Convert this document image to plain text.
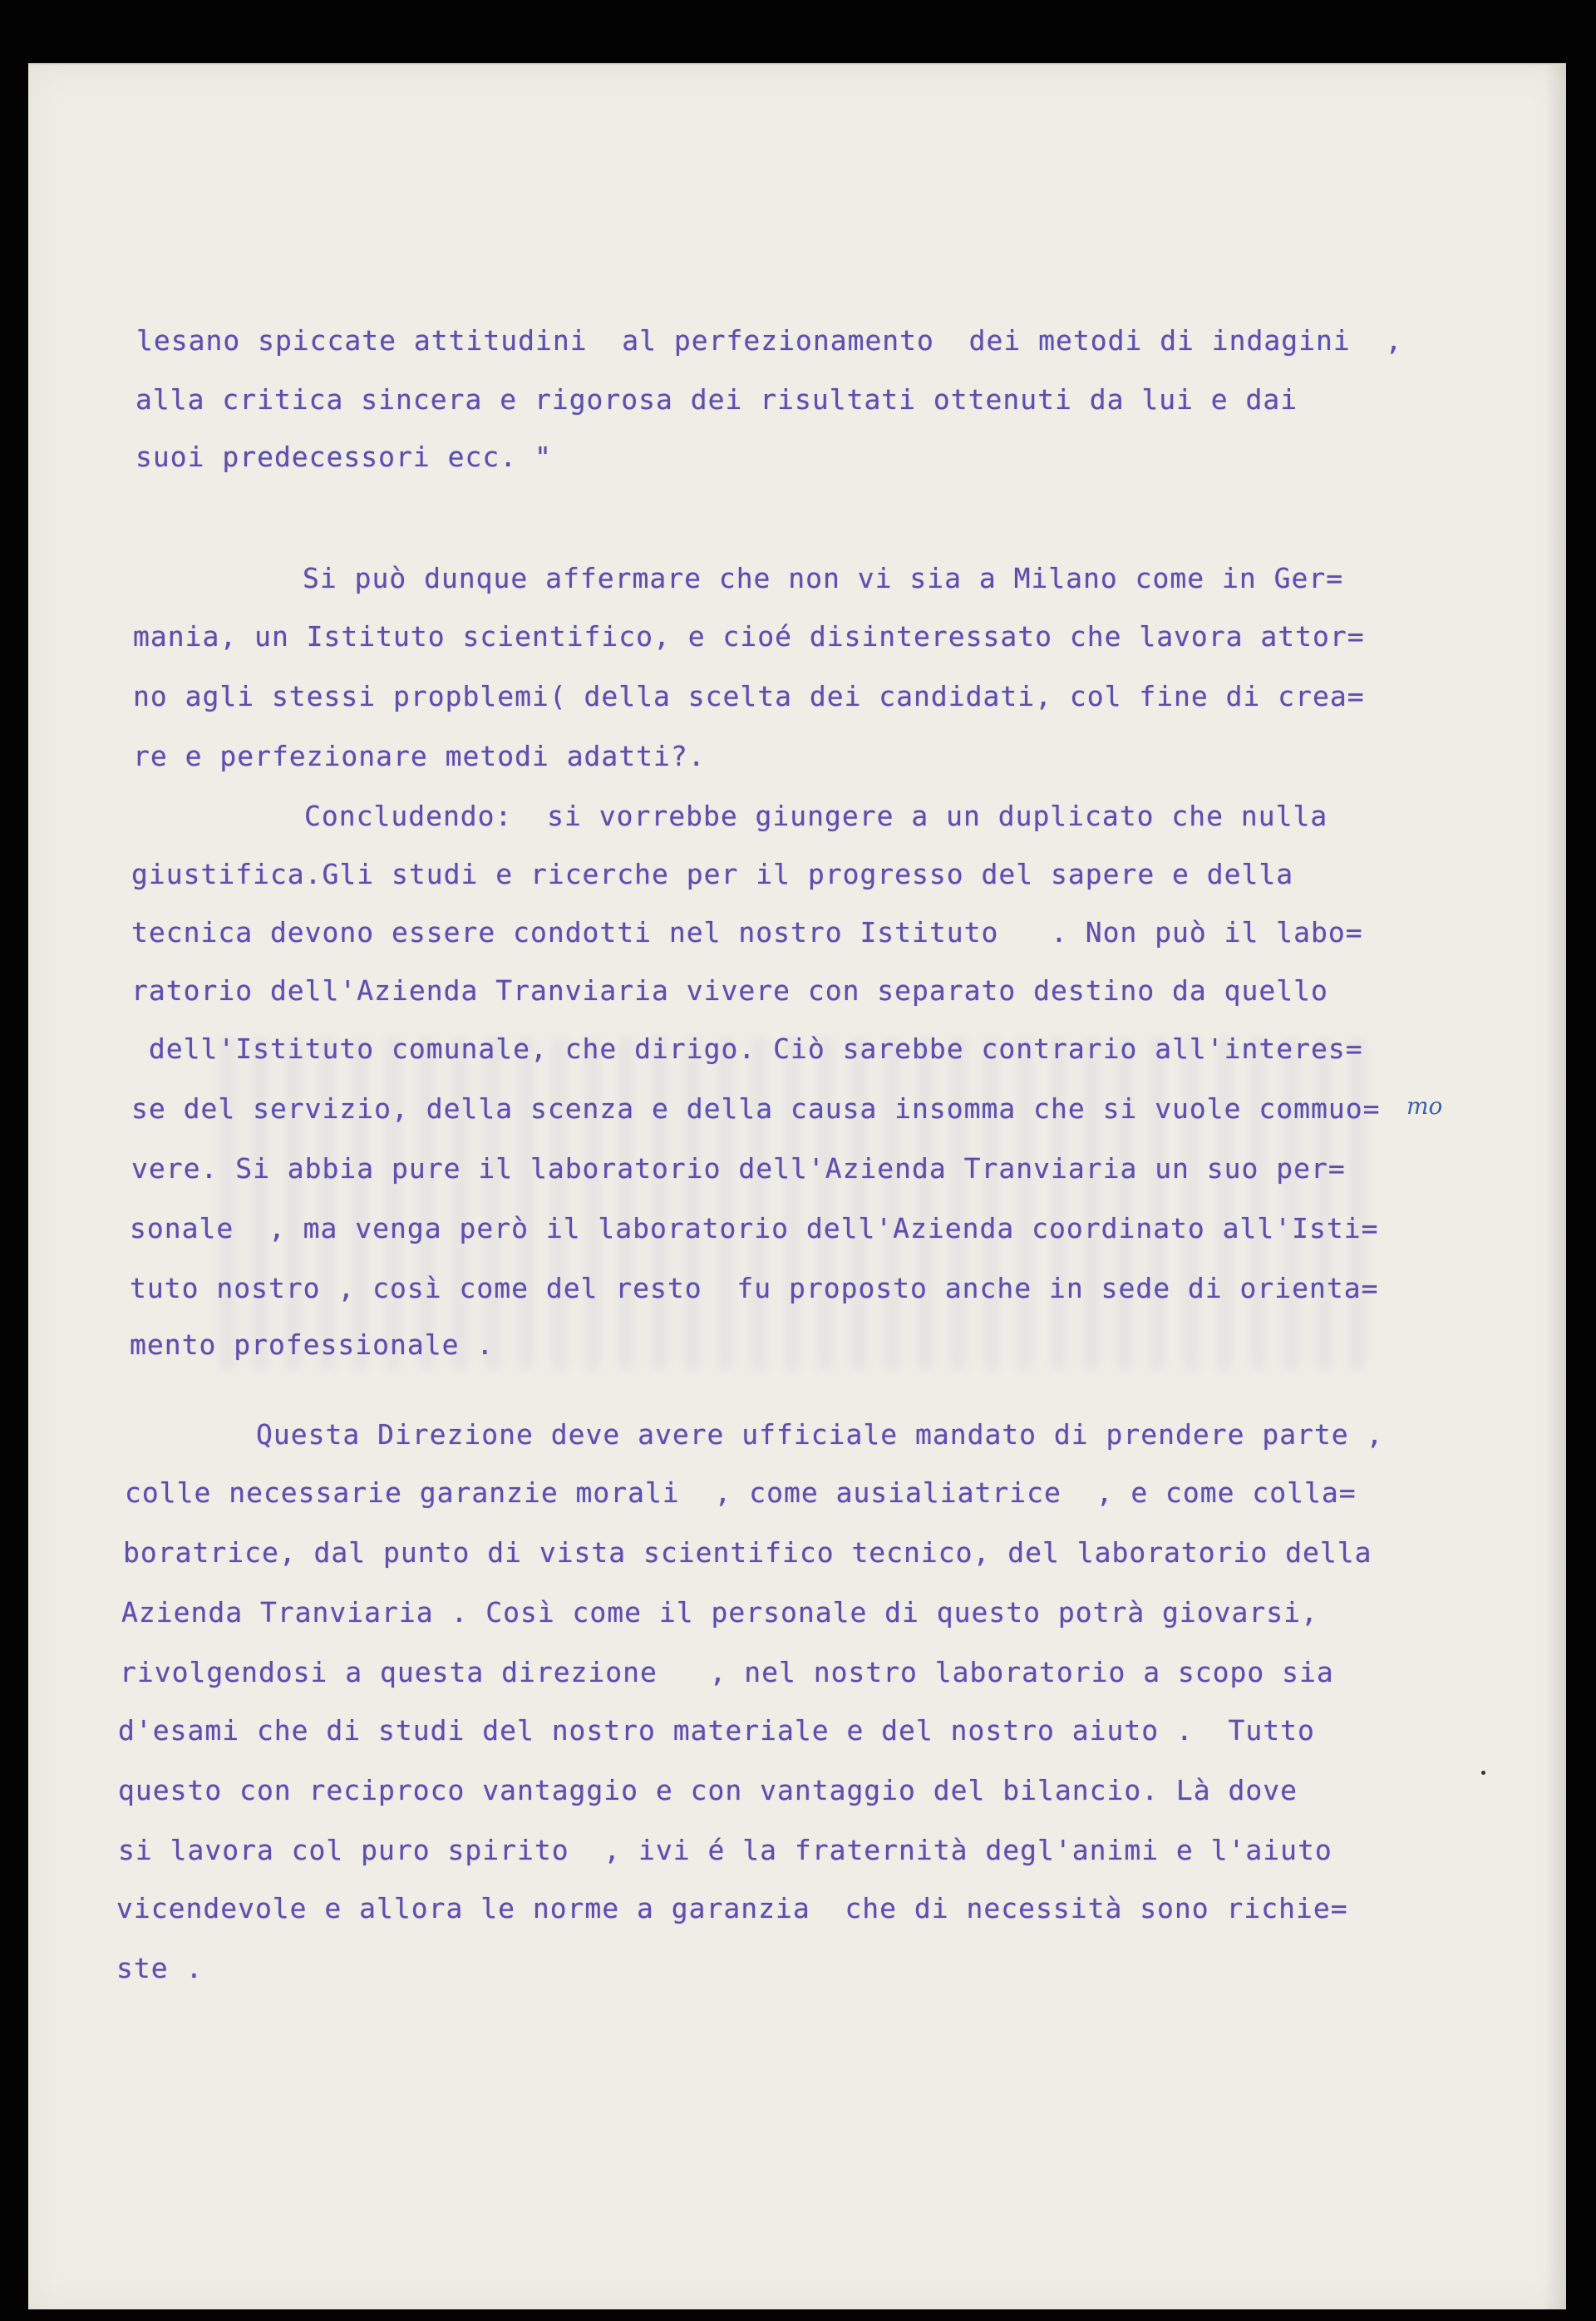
lesano spiccate attitudini  al perfezionamento  dei metodi di indagini  ,
alla critica sincera e rigorosa dei risultati ottenuti da lui e dai
suoi predecessori ecc. "
Si può dunque affermare che non vi sia a Milano come in Ger=
mania, un Istituto scientifico, e cioé disinteressato che lavora attor=
no agli stessi propblemi( della scelta dei candidati, col fine di crea=
re e perfezionare metodi adatti?.
Concludendo:  si vorrebbe giungere a un duplicato che nulla
giustifica.Gli studi e ricerche per il progresso del sapere e della
tecnica devono essere condotti nel nostro Istituto   . Non può il labo=
ratorio dell'Azienda Tranviaria vivere con separato destino da quello
dell'Istituto comunale, che dirigo. Ciò sarebbe contrario all'interes=
se del servizio, della scenza e della causa insomma che si vuole commuo=
vere. Si abbia pure il laboratorio dell'Azienda Tranviaria un suo per=
sonale  , ma venga però il laboratorio dell'Azienda coordinato all'Isti=
tuto nostro , così come del resto  fu proposto anche in sede di orienta=
mento professionale .
Questa Direzione deve avere ufficiale mandato di prendere parte ,
colle necessarie garanzie morali  , come ausialiatrice  , e come colla=
boratrice, dal punto di vista scientifico tecnico, del laboratorio della
Azienda Tranviaria . Così come il personale di questo potrà giovarsi,
rivolgendosi a questa direzione   , nel nostro laboratorio a scopo sia
d'esami che di studi del nostro materiale e del nostro aiuto .  Tutto
questo con reciproco vantaggio e con vantaggio del bilancio. Là dove
si lavora col puro spirito  , ivi é la fraternità degl'animi e l'aiuto
vicendevole e allora le norme a garanzia  che di necessità sono richie=
ste .
mo
